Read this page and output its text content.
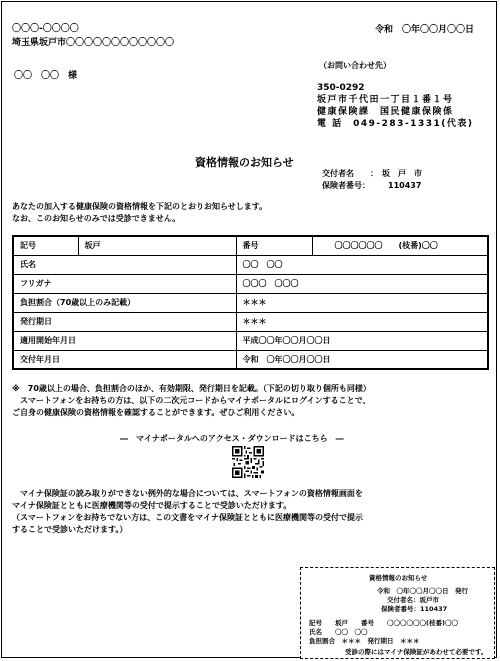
〇〇〇-〇〇〇〇
埼玉県坂戸市〇〇〇〇〇〇〇〇〇〇〇〇
令和　〇年〇〇月〇〇日
〇〇　〇〇　様
（お問い合わせ先）
350-0292
坂戸市千代田一丁目１番１号
健康保険課　国民健康保険係
電 話　049-283-1331(代表)
資格情報のお知らせ
交付者名 ：　坂　戸　市
保険者番号： 110437
あなたの加入する健康保険の資格情報を下記のとおりお知らせします。
なお、このお知らせのみでは受診できません。
記号	坂戸	番号	〇〇〇〇〇〇　　(枝番)〇〇
氏名		〇〇　〇〇	
フリガナ		〇〇〇　〇〇〇	
負担割合（70歳以上のみ記載）		＊＊＊	
発行期日		＊＊＊	
適用開始年月日		平成〇〇年〇〇月〇〇日	
交付年月日		令和　〇年〇〇月〇〇日	
※　70歳以上の場合、負担割合のほか、有効期限、発行期日を記載。（下記の切り取り個所も同様）
　スマートフォンをお持ちの方は、以下の二次元コードからマイナポータルにログインすることで、
ご自身の健康保険の資格情報を確認することができます。ぜひご利用ください。
―　マイナポータルへのアクセス・ダウンロードはこちら　―
　マイナ保険証の読み取りができない例外的な場合については、スマートフォンの資格情報画面を
マイナ保険証とともに医療機関等の受付で提示することで受診いただけます。
（スマートフォンをお持ちでない方は、この文書をマイナ保険証とともに医療機関等の受付で提示
することで受診いただけます。）
資格情報のお知らせ
令和　〇年〇〇月〇〇日　発行
交付者名：坂戸市
保険者番号：110437
記号　　坂戸　　番号　　〇〇〇〇〇〇(枝番)〇〇
氏名　　〇〇　〇〇
負担割合　＊＊＊　発行期日　＊＊＊
受診の際にはマイナ保険証があわせて必要です。
